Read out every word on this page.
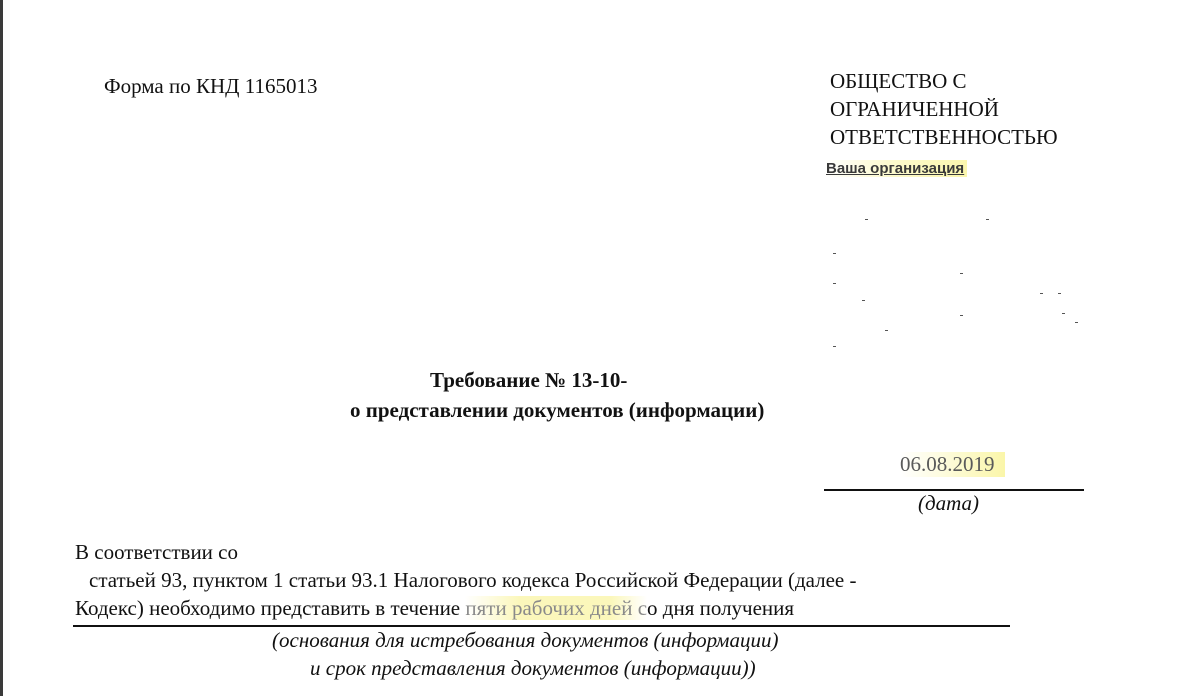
Форма по КНД 1165013	ОБЩЕСТВО С
ОГРАНИЧЕННОЙ
ОТВЕТСТВЕННОСТЬЮ
Ваша организация
Требование № 13-10-
о представлении документов (информации)
06.08.2019
(дата)
В соответствии со
статьей 93, пунктом 1 статьи 93.1 Налогового кодекса Российской Федерации (далее -
Кодекс) необходимо представить в течение пяти рабочих дней со дня получения
(основания для истребования документов (информации)
и срок представления документов (информации))
